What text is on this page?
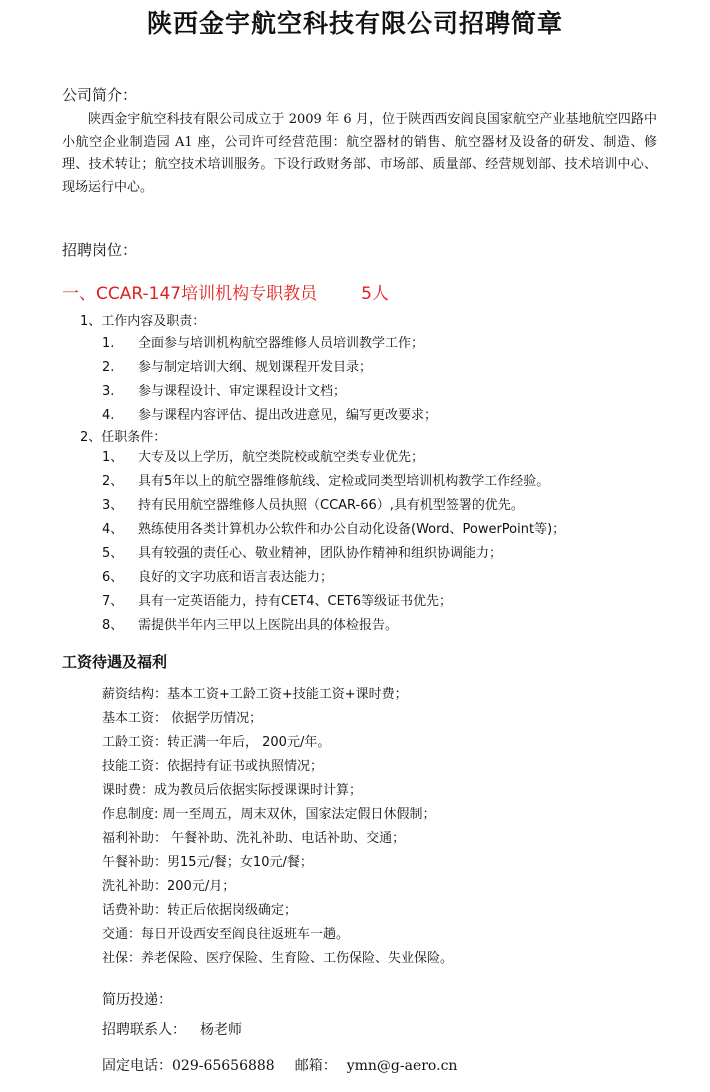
陕西金宇航空科技有限公司招聘简章

公司简介：

陕西金宇航空科技有限公司成立于 2009 年 6 月，位于陕西西安阎良国家航空产业基地航空四路中小航空企业制造园 A1 座，公司许可经营范围：航空器材的销售、航空器材及设备的研发、制造、修理、技术转让；航空技术培训服务。下设行政财务部、市场部、质量部、经营规划部、技术培训中心、现场运行中心。

招聘岗位：

一、CCAR-147培训机构专职教员	5人

1、工作内容及职责：

1. 全面参与培训机构航空器维修人员培训教学工作；

2. 参与制定培训大纲、规划课程开发目录；

3. 参与课程设计、审定课程设计文档；

4. 参与课程内容评估、提出改进意见，编写更改要求；

2、任职条件：

1、 大专及以上学历，航空类院校或航空类专业优先；

2、 具有5年以上的航空器维修航线、定检或同类型培训机构教学工作经验。

3、 持有民用航空器维修人员执照（CCAR-66）,具有机型签署的优先。

4、 熟练使用各类计算机办公软件和办公自动化设备(Word、PowerPoint等)；

5、 具有较强的责任心、敬业精神，团队协作精神和组织协调能力；

6、 良好的文字功底和语言表达能力；

7、 具有一定英语能力，持有CET4、CET6等级证书优先；

8、 需提供半年内三甲以上医院出具的体检报告。

工资待遇及福利

薪资结构：基本工资+工龄工资+技能工资+课时费；

基本工资： 依据学历情况；

工龄工资：转正满一年后， 200元/年。

技能工资：依据持有证书或执照情况；

课时费：成为教员后依据实际授课课时计算；

作息制度: 周一至周五，周末双休，国家法定假日休假制；

福利补助： 午餐补助、洗礼补助、电话补助、交通；

午餐补助：男15元/餐；女10元/餐；

洗礼补助：200元/月；

话费补助：转正后依据岗级确定；

交通：每日开设西安至阎良往返班车一趟。

社保：养老保险、医疗保险、生育险、工伤保险、失业保险。

简历投递：

招聘联系人： 杨老师

固定电话：029-65656888 邮箱： ymn@g-aero.cn
